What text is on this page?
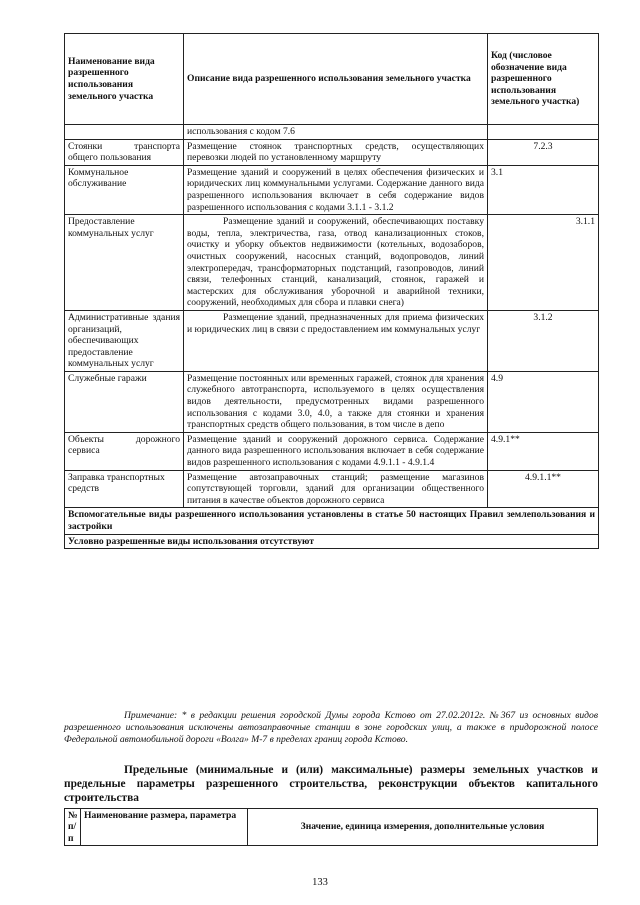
Наименование вида разрешенного использования земельного участка	Описание вида разрешенного использования земельного участка	Код (числовое обозначение вида разрешенного использования земельного участка)
	использования с кодом 7.6	
Стоянки транспорта общего пользования	Размещение стоянок транспортных средств, осуществляющих перевозки людей по установленному маршруту	7.2.3
Коммунальное обслуживание	Размещение зданий и сооружений в целях обеспечения физических и юридических лиц коммунальными услугами. Содержание данного вида разрешенного использования включает в себя содержание видов разрешенного использования с кодами 3.1.1 - 3.1.2	3.1
Предоставление коммунальных услуг	Размещение зданий и сооружений, обеспечивающих поставку воды, тепла, электричества, газа, отвод канализационных стоков, очистку и уборку объектов недвижимости (котельных, водозаборов, очистных сооружений, насосных станций, водопроводов, линий электропередач, трансформаторных подстанций, газопроводов, линий связи, телефонных станций, канализаций, стоянок, гаражей и мастерских для обслуживания уборочной и аварийной техники, сооружений, необходимых для сбора и плавки снега)	3.1.1
Административные здания организаций, обеспечивающих предоставление коммунальных услуг	Размещение зданий, предназначенных для приема физических и юридических лиц в связи с предоставлением им коммунальных услуг	3.1.2
Служебные гаражи	Размещение постоянных или временных гаражей, стоянок для хранения служебного автотранспорта, используемого в целях осуществления видов деятельности, предусмотренных видами разрешенного использования с кодами 3.0, 4.0, а также для стоянки и хранения транспортных средств общего пользования, в том числе в депо	4.9
Объекты дорожного сервиса	Размещение зданий и сооружений дорожного сервиса. Содержание данного вида разрешенного использования включает в себя содержание видов разрешенного использования с кодами 4.9.1.1 - 4.9.1.4	4.9.1**
Заправка транспортных средств	Размещение автозаправочных станций; размещение магазинов сопутствующей торговли, зданий для организации общественного питания в качестве объектов дорожного сервиса	4.9.1.1**
Вспомогательные виды разрешенного использования установлены в статье 50 настоящих Правил землепользования и застройки		
Условно разрешенные виды использования отсутствуют		

Примечание: * в редакции решения городской Думы города Кстово от 27.02.2012г. №367 из основных видов разрешенного использования исключены автозаправочные станции в зоне городских улиц, а также в придорожной полосе Федеральной автомобильной дороги «Волга» М-7 в пределах границ города Кстово.

Предельные (минимальные и (или) максимальные) размеры земельных участков и предельные параметры разрешенного строительства, реконструкции объектов капитального строительства

№ п/п	Наименование размера, параметра	Значение, единица измерения, дополнительные условия
133
